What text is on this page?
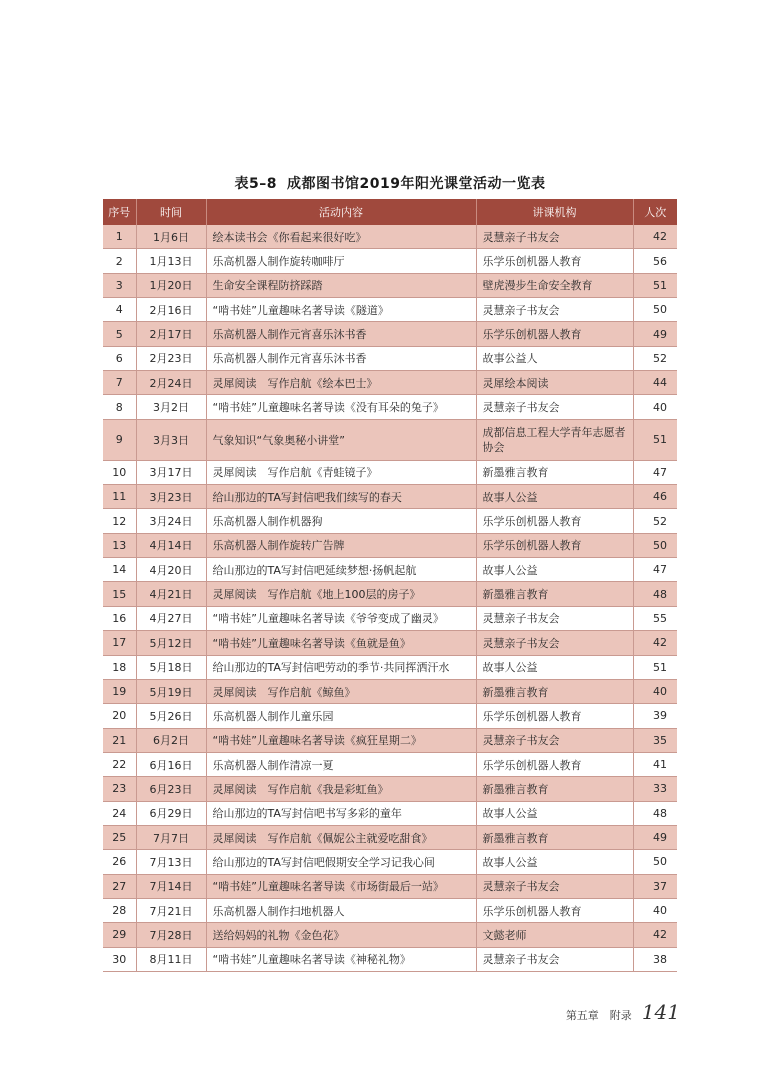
表5–8 成都图书馆2019年阳光课堂活动一览表
序号	时间	活动内容	讲课机构	人次
1	1月6日	绘本读书会《你看起来很好吃》	灵慧亲子书友会	42
2	1月13日	乐高机器人制作旋转咖啡厅	乐学乐创机器人教育	56
3	1月20日	生命安全课程防挤踩踏	壁虎漫步生命安全教育	51
4	2月16日	“啃书娃”儿童趣味名著导读《隧道》	灵慧亲子书友会	50
5	2月17日	乐高机器人制作元宵喜乐沐书香	乐学乐创机器人教育	49
6	2月23日	乐高机器人制作元宵喜乐沐书香	故事公益人	52
7	2月24日	灵犀阅读　写作启航《绘本巴士》	灵犀绘本阅读	44
8	3月2日	“啃书娃”儿童趣味名著导读《没有耳朵的兔子》	灵慧亲子书友会	40
9	3月3日	气象知识“气象奥秘小讲堂”	成都信息工程大学青年志愿者协会	51
10	3月17日	灵犀阅读　写作启航《青蛙镜子》	新墨雅言教育	47
11	3月23日	给山那边的TA写封信吧我们续写的春天	故事人公益	46
12	3月24日	乐高机器人制作机器狗	乐学乐创机器人教育	52
13	4月14日	乐高机器人制作旋转广告牌	乐学乐创机器人教育	50
14	4月20日	给山那边的TA写封信吧延续梦想·扬帆起航	故事人公益	47
15	4月21日	灵犀阅读　写作启航《地上100层的房子》	新墨雅言教育	48
16	4月27日	“啃书娃”儿童趣味名著导读《爷爷变成了幽灵》	灵慧亲子书友会	55
17	5月12日	“啃书娃”儿童趣味名著导读《鱼就是鱼》	灵慧亲子书友会	42
18	5月18日	给山那边的TA写封信吧劳动的季节·共同挥洒汗水	故事人公益	51
19	5月19日	灵犀阅读　写作启航《鲸鱼》	新墨雅言教育	40
20	5月26日	乐高机器人制作儿童乐园	乐学乐创机器人教育	39
21	6月2日	“啃书娃”儿童趣味名著导读《疯狂星期二》	灵慧亲子书友会	35
22	6月16日	乐高机器人制作清凉一夏	乐学乐创机器人教育	41
23	6月23日	灵犀阅读　写作启航《我是彩虹鱼》	新墨雅言教育	33
24	6月29日	给山那边的TA写封信吧书写多彩的童年	故事人公益	48
25	7月7日	灵犀阅读　写作启航《佩妮公主就爱吃甜食》	新墨雅言教育	49
26	7月13日	给山那边的TA写封信吧假期安全学习记我心间	故事人公益	50
27	7月14日	“啃书娃”儿童趣味名著导读《市场街最后一站》	灵慧亲子书友会	37
28	7月21日	乐高机器人制作扫地机器人	乐学乐创机器人教育	40
29	7月28日	送给妈妈的礼物《金色花》	文懿老师	42
30	8月11日	“啃书娃”儿童趣味名著导读《神秘礼物》	灵慧亲子书友会	38
第五章　附录 141
